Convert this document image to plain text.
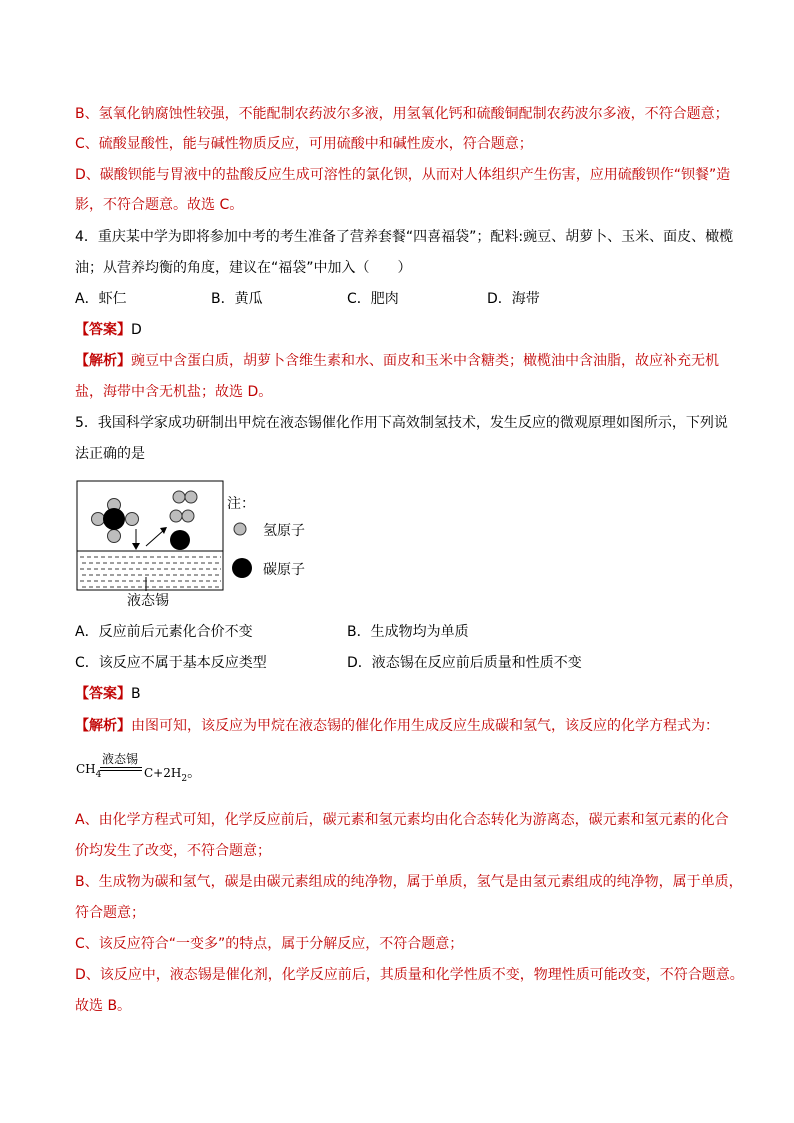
B、氢氧化钠腐蚀性较强，不能配制农药波尔多液，用氢氧化钙和硫酸铜配制农药波尔多液，不符合题意；
C、硫酸显酸性，能与碱性物质反应，可用硫酸中和碱性废水，符合题意；
D、碳酸钡能与胃液中的盐酸反应生成可溶性的氯化钡，从而对人体组织产生伤害，应用硫酸钡作“钡餐”造
影，不符合题意。故选 C。
4．重庆某中学为即将参加中考的考生准备了营养套餐“四喜福袋”；配料:豌豆、胡萝卜、玉米、面皮、橄榄
油；从营养均衡的角度，建议在“福袋”中加入（　　）
A．虾仁	B．黄瓜	C．肥肉	D．海带
【答案】D
【解析】豌豆中含蛋白质，胡萝卜含维生素和水、面皮和玉米中含糖类；橄榄油中含油脂，故应补充无机
盐，海带中含无机盐；故选 D。
5．我国科学家成功研制出甲烷在液态锡催化作用下高效制氢技术，发生反应的微观原理如图所示，下列说
法正确的是
注：
氢原子
碳原子
液态锡
A．反应前后元素化合价不变	B．生成物均为单质
C．该反应不属于基本反应类型	D．液态锡在反应前后质量和性质不变
【答案】B
【解析】由图可知，该反应为甲烷在液态锡的催化作用生成反应生成碳和氢气，该反应的化学方程式为：
$CH_4$
液态锡
$C+2H_2$。
A、由化学方程式可知，化学反应前后，碳元素和氢元素均由化合态转化为游离态，碳元素和氢元素的化合
价均发生了改变，不符合题意；
B、生成物为碳和氢气，碳是由碳元素组成的纯净物，属于单质，氢气是由氢元素组成的纯净物，属于单质，
符合题意；
C、该反应符合“一变多”的特点，属于分解反应，不符合题意；
D、该反应中，液态锡是催化剂，化学反应前后，其质量和化学性质不变，物理性质可能改变，不符合题意。
故选 B。
